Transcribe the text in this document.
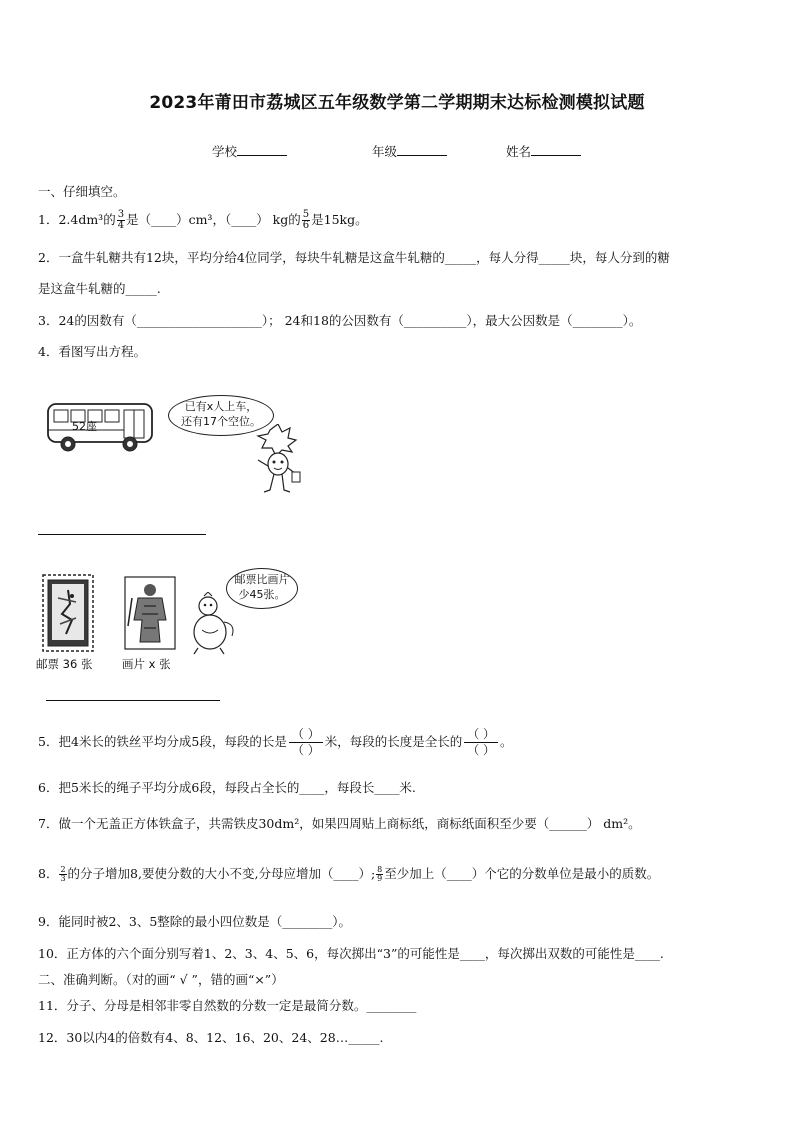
2023年莆田市荔城区五年级数学第二学期期末达标检测模拟试题
学校	年级	姓名
一、仔细填空。
1．2.4dm³的 $\frac{3}{4}$ 是（____）cm³，（____） kg的 $\frac{5}{6}$ 是15kg。
2．一盒牛轧糖共有12块，平均分给4位同学，每块牛轧糖是这盒牛轧糖的_____，每人分得_____块，每人分到的糖
是这盒牛轧糖的_____.
3．24的因数有（____________________）； 24和18的公因数有（__________），最大公因数是（________）。
4．看图写出方程。
52座
已有x人上车，
还有17个空位。
邮票比画片
少45张。
邮票 36 张	画片 x 张
5．把4米长的铁丝平均分成5段，每段的长是 （ ）
（ ）
米，每段的长度是全长的 （ ）
（ ）
。
6．把5米长的绳子平均分成6段，每段占全长的____，每段长____米.
7．做一个无盖正方体铁盒子，共需铁皮30dm²，如果四周贴上商标纸，商标纸面积至少要（______） dm²。
8． $\frac{2}{3}$ 的分子增加8,要使分数的大小不变,分母应增加（____）; $\frac{8}{9}$ 至少加上（____）个它的分数单位是最小的质数。
9．能同时被2、3、5整除的最小四位数是（________）。
10．正方体的六个面分别写着1、2、3、4、5、6，每次掷出“3”的可能性是____，每次掷出双数的可能性是____.
二、准确判断。（对的画“ √ ”，错的画“×”）
11．分子、分母是相邻非零自然数的分数一定是最简分数。________
12．30以内4的倍数有4、8、12、16、20、24、28…_____.
